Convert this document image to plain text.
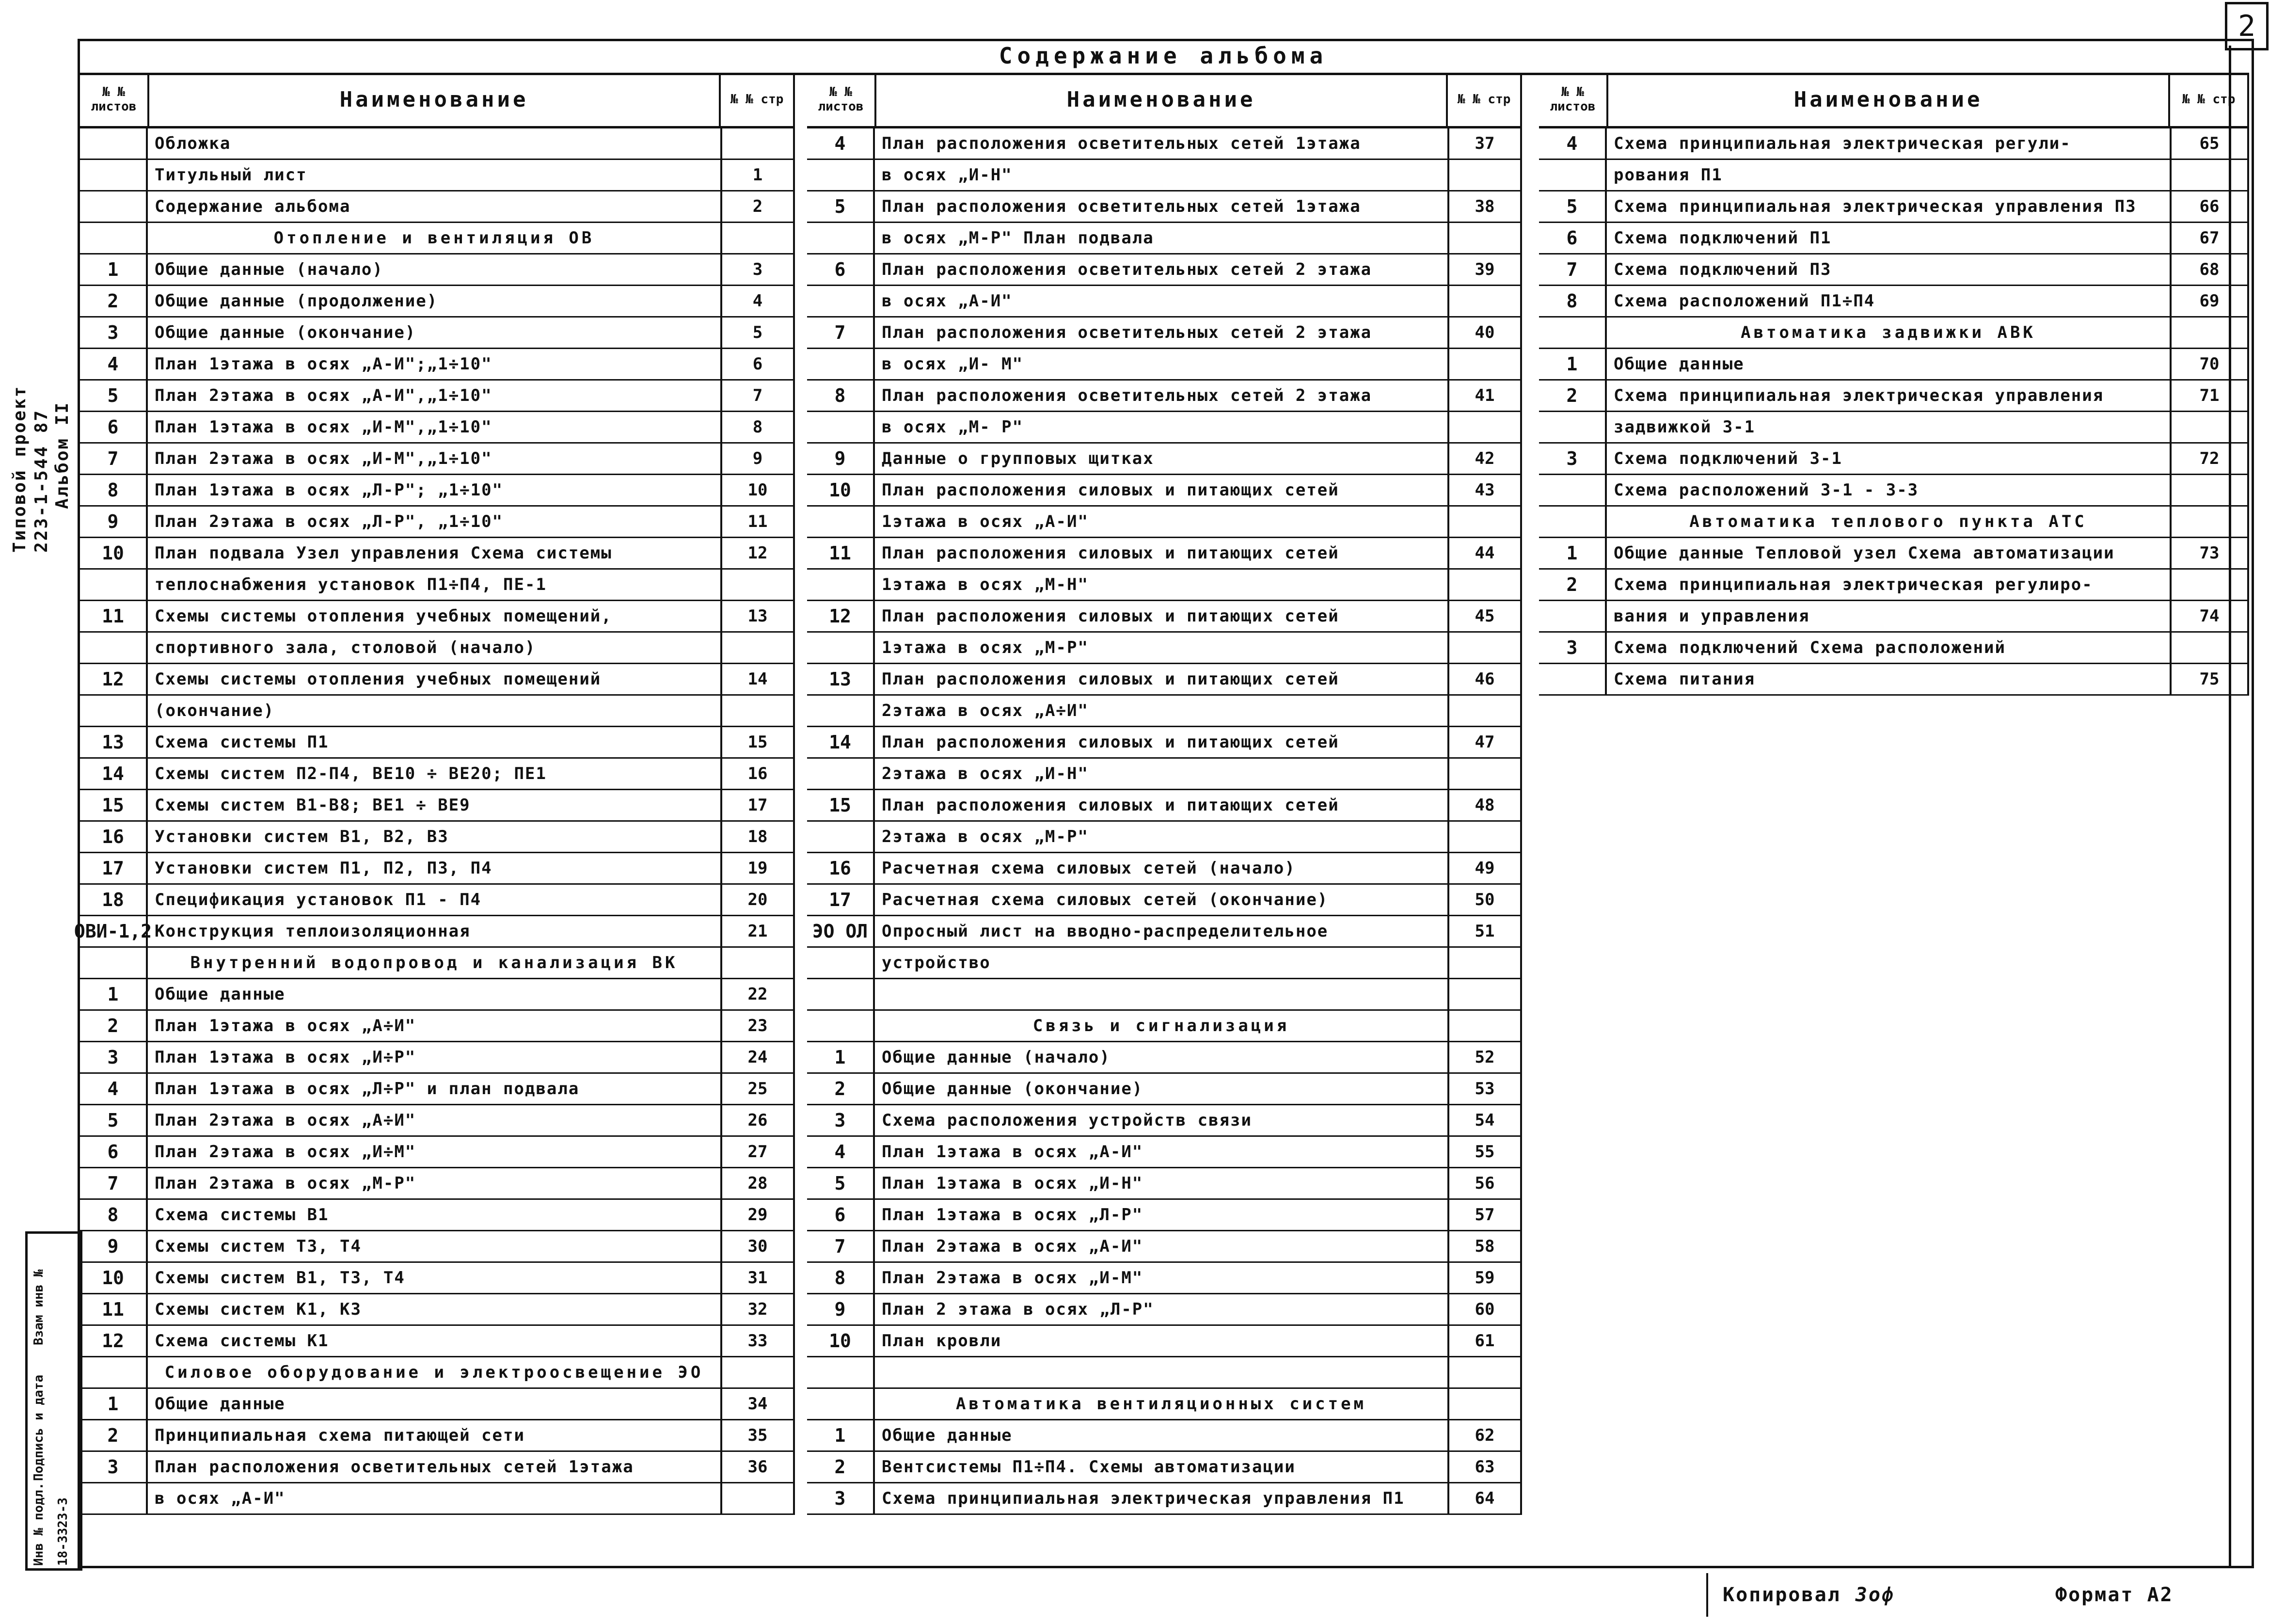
2
Содержание альбома
№ № листов	Наименование	№ № стр
Обложка
Титульный лист	1
Содержание альбома	2
Отопление и вентиляция ОВ
1	Общие данные (начало)	3
2	Общие данные (продолжение)	4
3	Общие данные (окончание)	5
4	План 1этажа в осях „А-И";„1÷10"	6
5	План 2этажа в осях „А-И",„1÷10"	7
6	План 1этажа в осях „И-М",„1÷10"	8
7	План 2этажа в осях „И-М",„1÷10"	9
8	План 1этажа в осях „Л-Р"; „1÷10"	10
9	План 2этажа в осях „Л-Р", „1÷10"	11
10	План подвала Узел управления Схема системы	12
теплоснабжения установок П1÷П4, ПЕ-1
11	Схемы системы отопления учебных помещений,	13
спортивного зала, столовой (начало)
12	Схемы системы отопления учебных помещений	14
(окончание)
13	Схема системы П1	15
14	Схемы систем П2-П4, ВЕ10 ÷ ВЕ20; ПЕ1	16
15	Схемы систем В1-В8; ВЕ1 ÷ ВЕ9	17
16	Установки систем В1, В2, В3	18
17	Установки систем П1, П2, П3, П4	19
18	Спецификация установок П1 - П4	20
ОВИ-1,2 Конструкция теплоизоляционная	21
Внутренний водопровод и канализация ВК
1	Общие данные	22
2	План 1этажа в осях „А÷И"	23
3	План 1этажа в осях „И÷Р"	24
4	План 1этажа в осях „Л÷Р" и план подвала	25
5	План 2этажа в осях „А÷И"	26
6	План 2этажа в осях „И÷М"	27
7	План 2этажа в осях „М-Р"	28
8	Схема системы В1	29
9	Схемы систем Т3, Т4	30
10	Схемы систем В1, Т3, Т4	31
11	Схемы систем К1, К3	32
12	Схема системы К1	33
Силовое оборудование и электроосвещение ЭО
1	Общие данные	34
2	Принципиальная схема питающей сети	35
3	План расположения осветительных сетей 1этажа	36
в осях „А-И"
№ № листов	Наименование	№ № стр
4	План расположения осветительных сетей 1этажа	37
в осях „И-Н"
5	План расположения осветительных сетей 1этажа	38
в осях „М-Р" План подвала
6	План расположения осветительных сетей 2 этажа	39
в осях „А-И"
7	План расположения осветительных сетей 2 этажа	40
в осях „И- М"
8	План расположения осветительных сетей 2 этажа	41
в осях „М- Р"
9	Данные о групповых щитках	42
10	План расположения силовых и питающих сетей	43
1этажа в осях „А-И"
11	План расположения силовых и питающих сетей	44
1этажа в осях „М-Н"
12	План расположения силовых и питающих сетей	45
1этажа в осях „М-Р"
13	План расположения силовых и питающих сетей	46
2этажа в осях „А÷И"
14	План расположения силовых и питающих сетей	47
2этажа в осях „И-Н"
15	План расположения силовых и питающих сетей	48
2этажа в осях „М-Р"
16	Расчетная схема силовых сетей (начало)	49
17	Расчетная схема силовых сетей (окончание)	50
ЭО ОЛ Опросный лист на вводно-распределительное	51
устройство
Связь и сигнализация
1	Общие данные (начало)	52
2	Общие данные (окончание)	53
3	Схема расположения устройств связи	54
4	План 1этажа в осях „А-И"	55
5	План 1этажа в осях „И-Н"	56
6	План 1этажа в осях „Л-Р"	57
7	План 2этажа в осях „А-И"	58
8	План 2этажа в осях „И-М"	59
9	План 2 этажа в осях „Л-Р"	60
10	План кровли	61
Автоматика вентиляционных систем
1	Общие данные	62
2	Вентсистемы П1÷П4. Схемы автоматизации	63
3	Схема принципиальная электрическая управления П1	64
№ № листов	Наименование	№ № стр
4	Схема принципиальная электрическая регули-	65
рования П1
5	Схема принципиальная электрическая управления П3	66
6	Схема подключений П1	67
7	Схема подключений П3	68
8	Схема расположений П1÷П4	69
Автоматика задвижки АВК
1	Общие данные	70
2	Схема принципиальная электрическая управления	71
задвижкой 3-1
3	Схема подключений 3-1	72
Схема расположений 3-1 - 3-3
Автоматика теплового пункта АТС
1	Общие данные Тепловой узел Схема автоматизации	73
2	Схема принципиальная электрическая регулиро-
вания и управления	74
3	Схема подключений Схема расположений
Схема питания	75
Типовой проект 223-1-544 87 Альбом II
Взам инв №
Подпись и дата
Инв № подл. 18-3323-3
Копировал Зоф	Формат А2
